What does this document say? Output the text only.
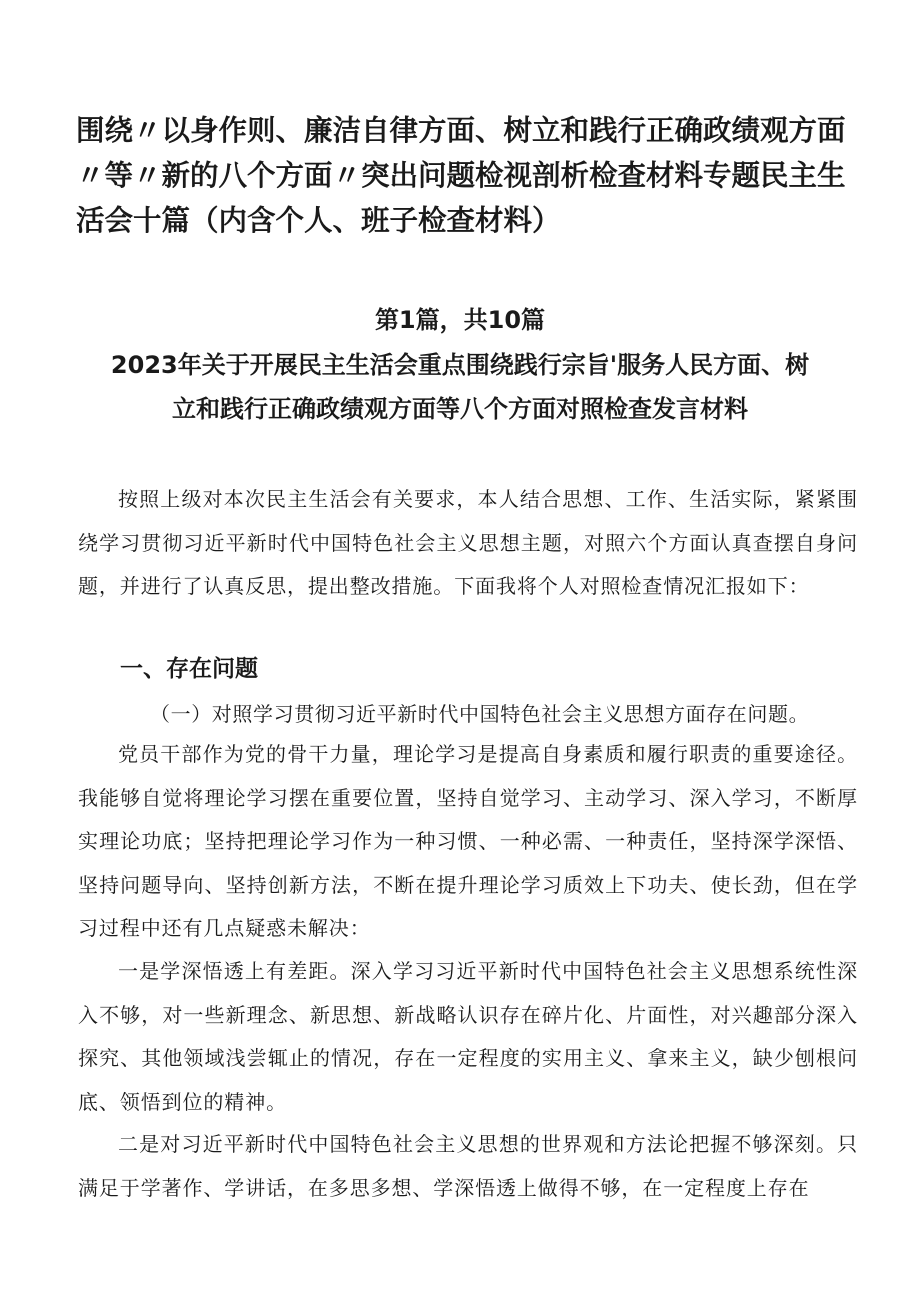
围绕〃以身作则、廉洁自律方面、树立和践行正确政绩观方面〃等〃新的八个方面〃突出问题检视剖析检查材料专题民主生活会十篇（内含个人、班子检查材料）
第1篇，共10篇
2023年关于开展民主生活会重点围绕践行宗旨'服务人民方面、树立和践行正确政绩观方面等八个方面对照检查发言材料

按照上级对本次民主生活会有关要求，本人结合思想、工作、生活实际，紧紧围绕学习贯彻习近平新时代中国特色社会主义思想主题，对照六个方面认真查摆自身问题，并进行了认真反思，提出整改措施。下面我将个人对照检查情况汇报如下：

一、存在问题

（一）对照学习贯彻习近平新时代中国特色社会主义思想方面存在问题。

党员干部作为党的骨干力量，理论学习是提高自身素质和履行职责的重要途径。我能够自觉将理论学习摆在重要位置，坚持自觉学习、主动学习、深入学习，不断厚实理论功底；坚持把理论学习作为一种习惯、一种必需、一种责任，坚持深学深悟、坚持问题导向、坚持创新方法，不断在提升理论学习质效上下功夫、使长劲，但在学习过程中还有几点疑惑未解决：

一是学深悟透上有差距。深入学习习近平新时代中国特色社会主义思想系统性深入不够，对一些新理念、新思想、新战略认识存在碎片化、片面性，对兴趣部分深入探究、其他领域浅尝辄止的情况，存在一定程度的实用主义、拿来主义，缺少刨根问底、领悟到位的精神。

二是对习近平新时代中国特色社会主义思想的世界观和方法论把握不够深刻。只满足于学著作、学讲话，在多思多想、学深悟透上做得不够，在一定程度上存在
